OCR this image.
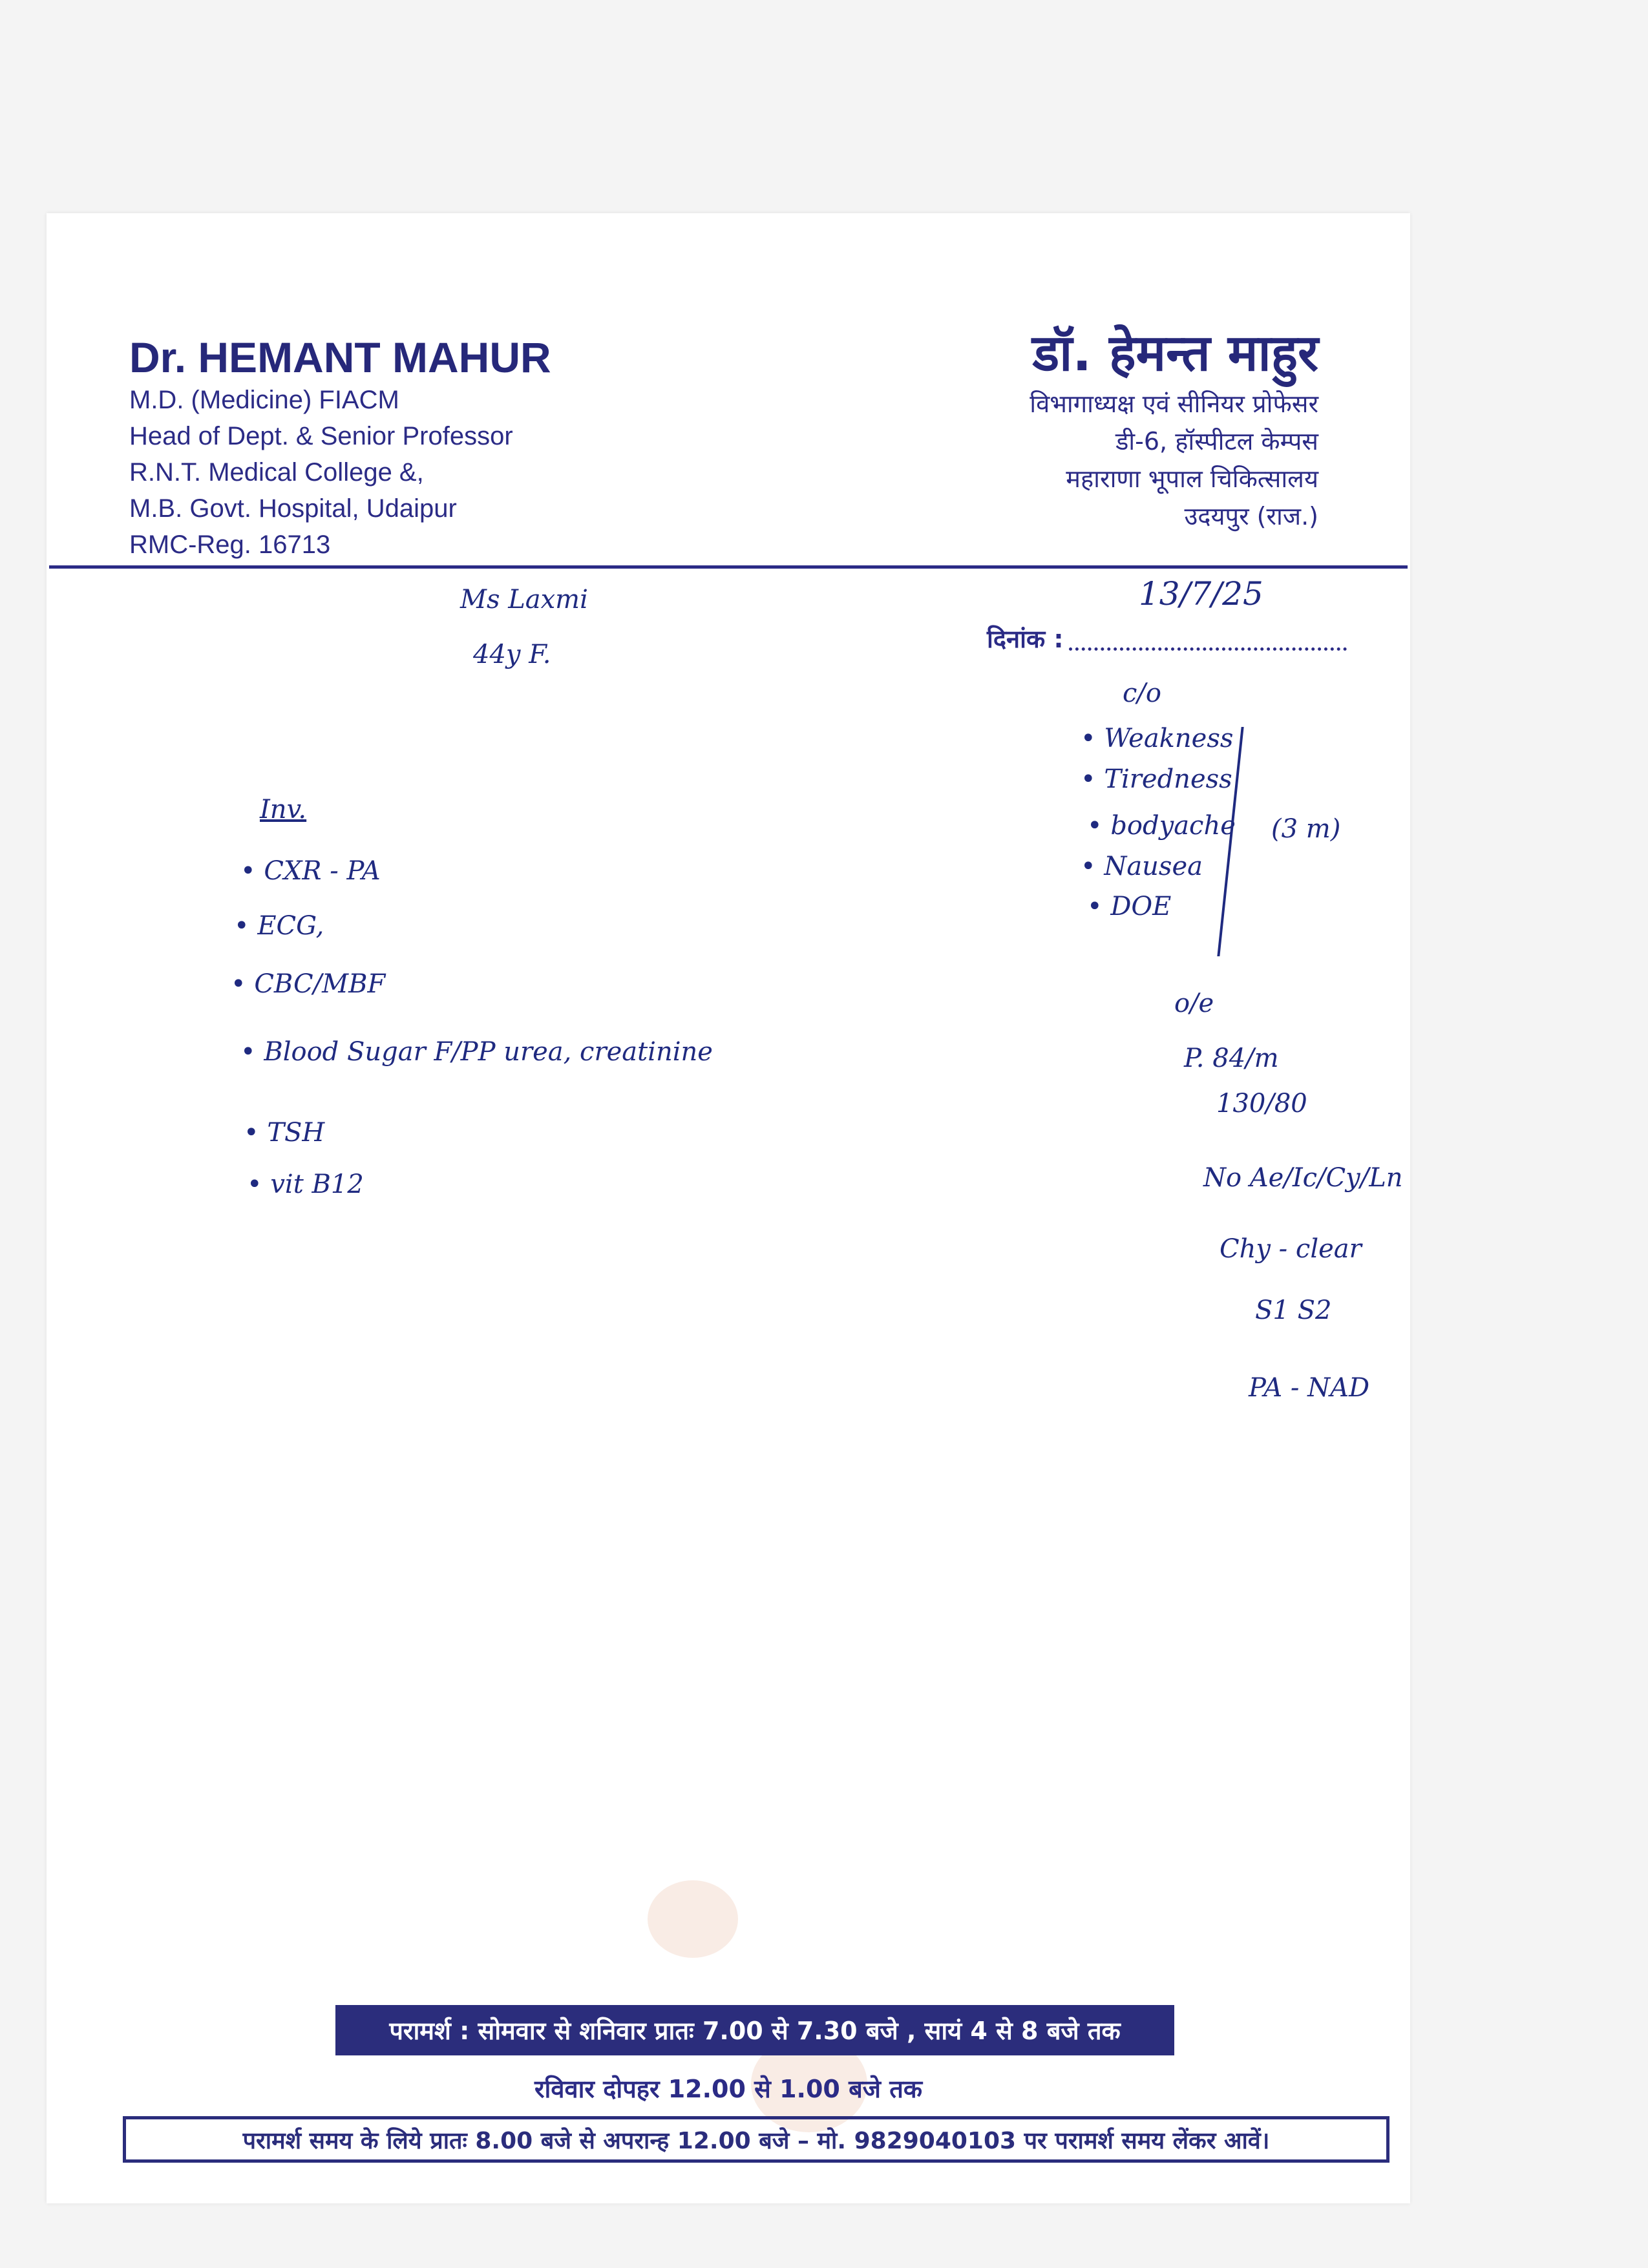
Dr. HEMANT MAHUR
M.D. (Medicine) FIACM
Head of Dept. & Senior Professor
R.N.T. Medical College &,
M.B. Govt. Hospital, Udaipur
RMC-Reg. 16713
डॉ. हेमन्त माहुर
विभागाध्यक्ष एवं सीनियर प्रोफेसर
डी-6, हॉस्पीटल केम्पस
महाराणा भूपाल चिकित्सालय
उदयपुर (राज.)
दिनांक :
13/7/25
Ms Laxmi
44y F.
c/o
• Weakness
• Tiredness
• bodyache
• Nausea
• DOE
(3 m)
o/e
P. 84/m
130/80
No Ae/Ic/Cy/Ln
Chy - clear
S1 S2
PA - NAD
Inv.
• CXR - PA
• ECG,
• CBC/MBF
• Blood Sugar F/PP urea, creatinine
• TSH
• vit B12
परामर्श : सोमवार से शनिवार प्रातः 7.00 से 7.30 बजे , सायं 4 से 8 बजे तक
रविवार दोपहर 12.00 से 1.00 बजे तक
परामर्श समय के लिये प्रातः 8.00 बजे से अपरान्ह 12.00 बजे – मो. 9829040103 पर परामर्श समय लेंकर आवें।
